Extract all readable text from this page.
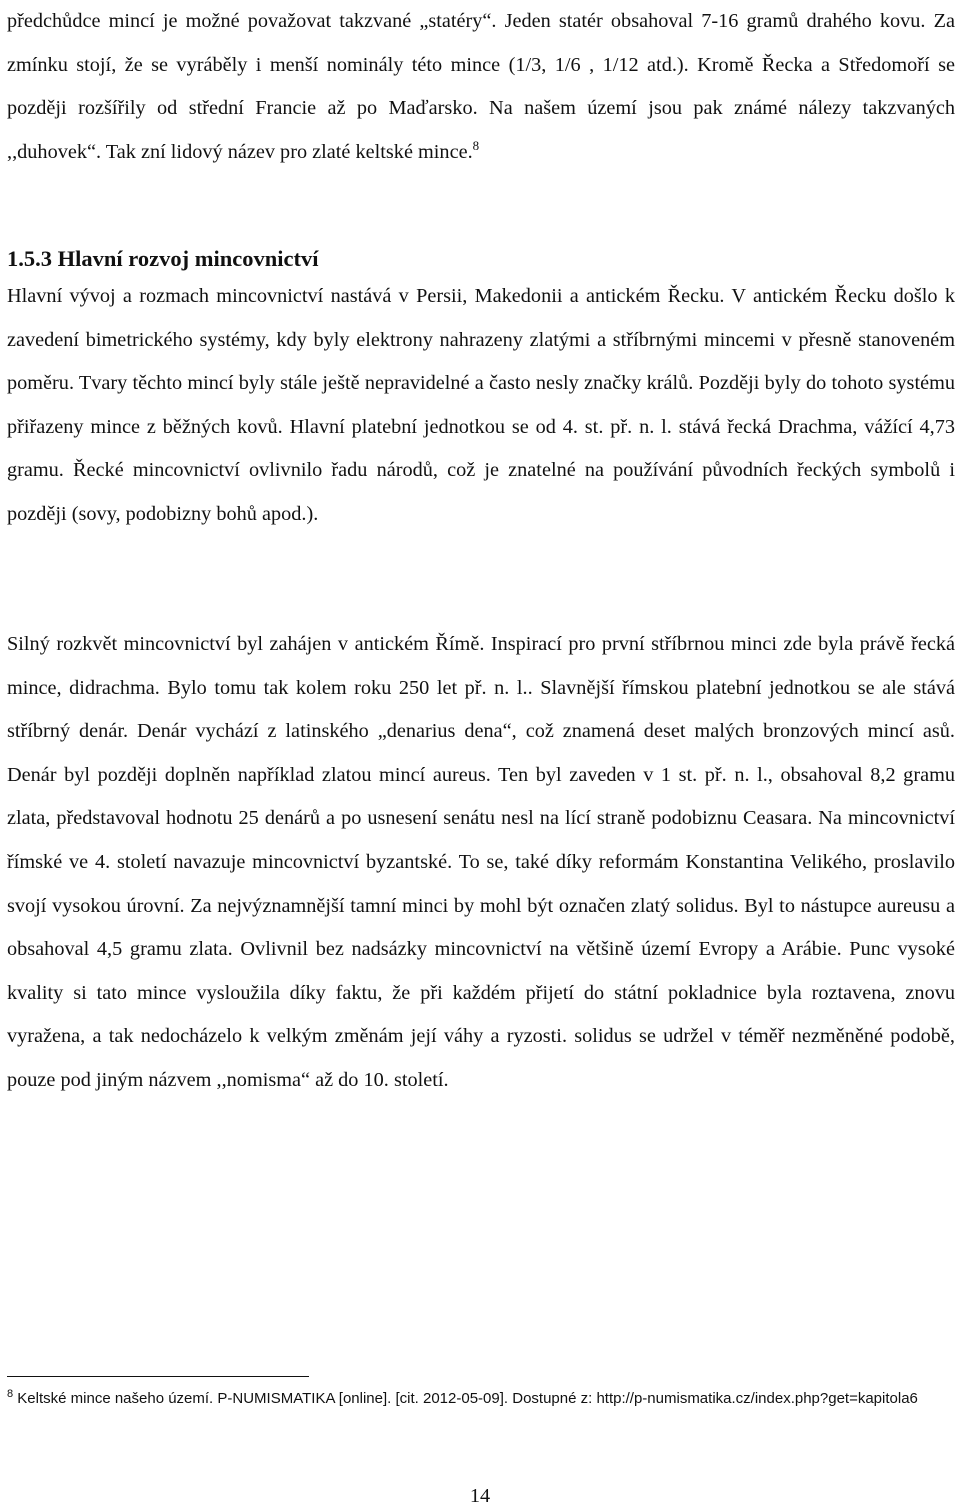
předchůdce mincí je možné považovat takzvané „statéry“. Jeden statér obsahoval 7-16 gramů drahého kovu. Za zmínku stojí, že se vyráběly i menší nominály této mince (1/3, 1/6 , 1/12 atd.). Kromě Řecka a Středomoří se později rozšířily od střední Francie až po Maďarsko. Na našem území jsou pak známé nálezy takzvaných ,,duhovek“. Tak zní lidový název pro zlaté keltské mince.$^8$

1.5.3 Hlavní rozvoj mincovnictví

Hlavní vývoj a rozmach mincovnictví nastává v Persii, Makedonii a antickém Řecku. V antickém Řecku došlo k zavedení bimetrického systémy, kdy byly elektrony nahrazeny zlatými a stříbrnými mincemi v přesně stanoveném poměru. Tvary těchto mincí byly stále ještě nepravidelné a často nesly značky králů. Později byly do tohoto systému přiřazeny mince z běžných kovů. Hlavní platební jednotkou se od 4. st. př. n. l. stává řecká Drachma, vážící 4,73 gramu. Řecké mincovnictví ovlivnilo řadu národů, což je znatelné na používání původních řeckých symbolů i později (sovy, podobizny bohů apod.).

Silný rozkvět mincovnictví byl zahájen v antickém Římě. Inspirací pro první stříbrnou minci zde byla právě řecká mince, didrachma. Bylo tomu tak kolem roku 250 let př. n. l.. Slavnější římskou platební jednotkou se ale stává stříbrný denár. Denár vychází z latinského „denarius dena“, což znamená deset malých bronzových mincí asů. Denár byl později doplněn například zlatou mincí aureus. Ten byl zaveden v 1 st. př. n. l., obsahoval 8,2 gramu zlata, představoval hodnotu 25 denárů a po usnesení senátu nesl na lící straně podobiznu Ceasara. Na mincovnictví římské ve 4. století navazuje mincovnictví byzantské. To se, také díky reformám Konstantina Velikého, proslavilo svojí vysokou úrovní. Za nejvýznamnější tamní minci by mohl být označen zlatý solidus. Byl to nástupce aureusu a obsahoval 4,5 gramu zlata. Ovlivnil bez nadsázky mincovnictví na většině území Evropy a Arábie. Punc vysoké kvality si tato mince vysloužila díky faktu, že při každém přijetí do státní pokladnice byla roztavena, znovu vyražena, a tak nedocházelo k velkým změnám její váhy a ryzosti. solidus se udržel v téměř nezměněné podobě, pouze pod jiným názvem ,,nomisma“ až do 10. století.

$^8$ Keltské mince našeho území. P-NUMISMATIKA [online]. [cit. 2012-05-09]. Dostupné z: http://p-numismatika.cz/index.php?get=kapitola6

14
